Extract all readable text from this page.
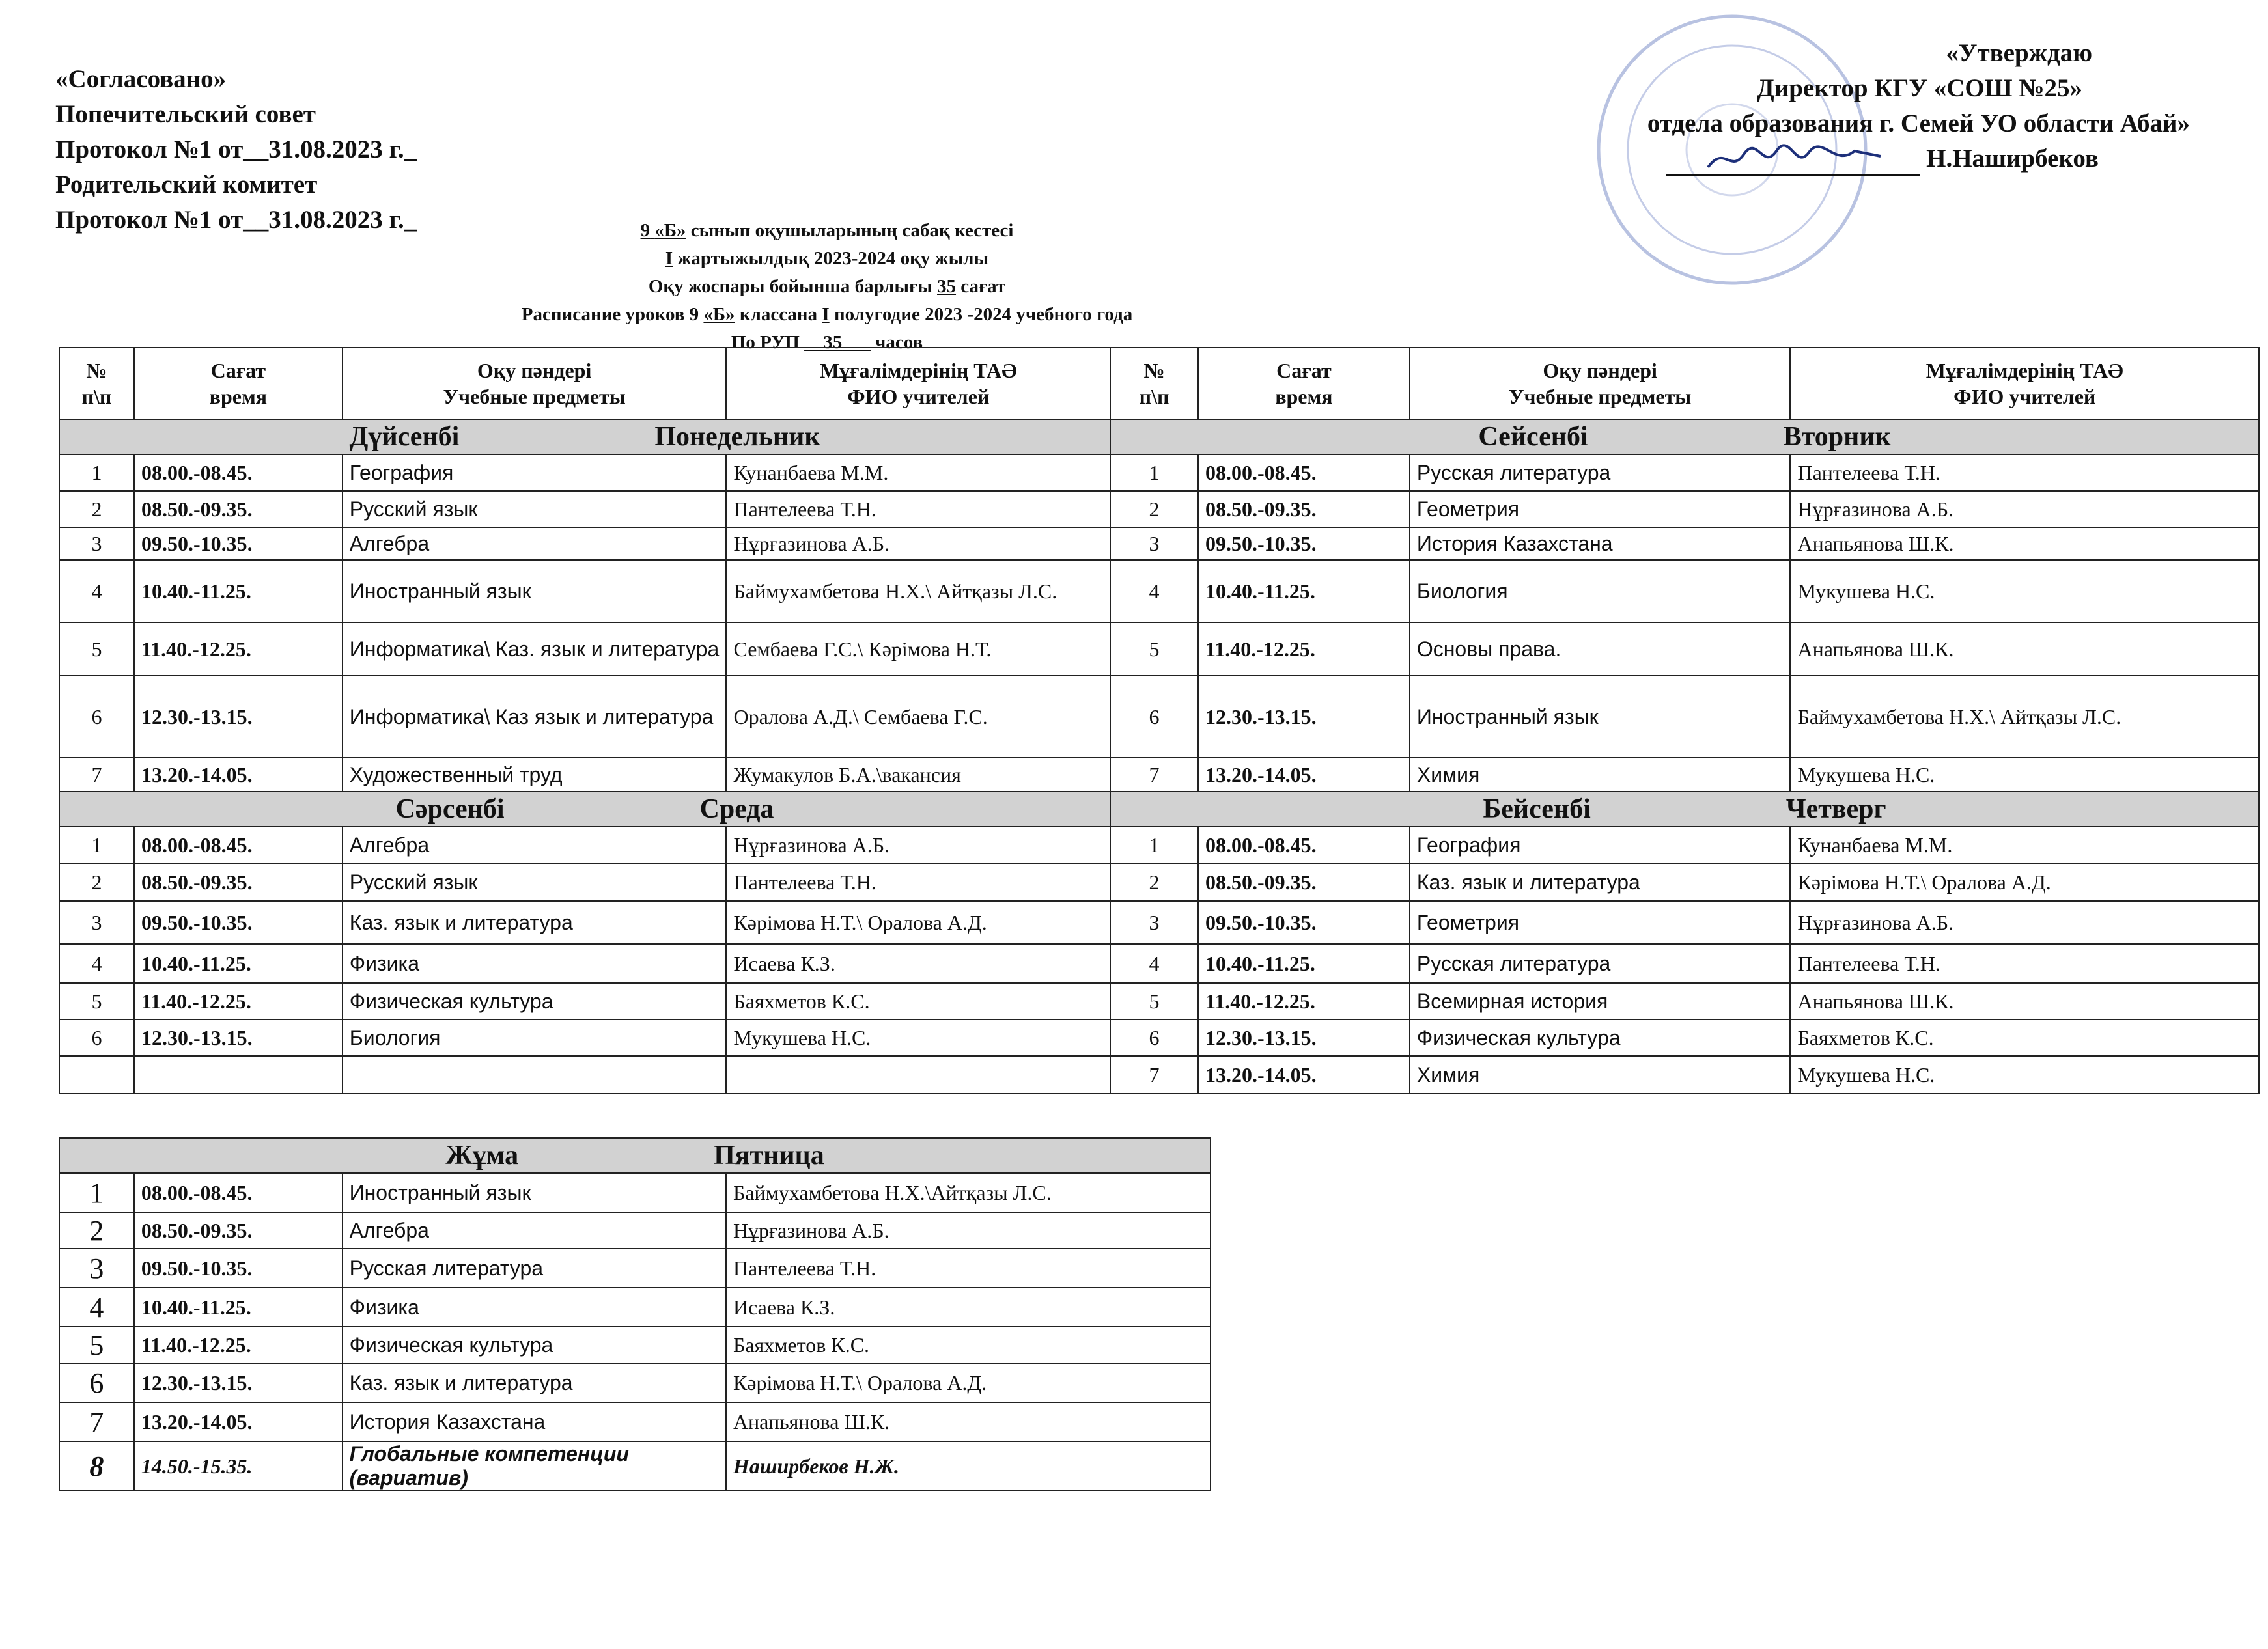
«Согласовано»
Попечительский совет
Протокол №1 от__31.08.2023 г._
Родительский комитет
Протокол №1 от__31.08.2023 г._
«Утверждаю
Директор КГУ «СОШ №25»
отдела образования г. Семей УО области Абай»
Н.Наширбеков
9 «Б» сынып оқушыларының сабақ кестесі
I жартыжылдық 2023-2024 оқу жылы
Оқу жоспары бойынша барлығы 35 сағат
Расписание уроков 9 «Б» классана I полугодие 2023 -2024 учебного года
По РУП __35___ часов
№
п\п	Сағат
время	Оқу пәндері
Учебные предметы	Мұғалімдерінің ТАӘ
ФИО учителей	№
п\п	Сағат
время	Оқу пәндері
Учебные предметы	Мұғалімдерінің ТАӘ
ФИО учителей
Дүйсенбі Понедельник				Сейсенбі Вторник			
1	08.00.-08.45.	География	Кунанбаева М.М.	1	08.00.-08.45.	Русская литература	Пантелеева Т.Н.
2	08.50.-09.35.	Русский язык	Пантелеева Т.Н.	2	08.50.-09.35.	Геометрия	Нұрғазинова А.Б.
3	09.50.-10.35.	Алгебра	Нұрғазинова А.Б.	3	09.50.-10.35.	История Казахстана	Анапьянова Ш.К.
4	10.40.-11.25.	Иностранный язык	Баймухамбетова Н.Х.\ Айтқазы Л.С.	4	10.40.-11.25.	Биология	Мукушева Н.С.
5	11.40.-12.25.	Информатика\ Каз. язык и литература	Сембаева Г.С.\ Кәрімова Н.Т.	5	11.40.-12.25.	Основы права.	Анапьянова Ш.К.
6	12.30.-13.15.	Информатика\ Каз язык и литература	Оралова А.Д.\ Сембаева Г.С.	6	12.30.-13.15.	Иностранный язык	Баймухамбетова Н.Х.\ Айтқазы Л.С.
7	13.20.-14.05.	Художественный труд	Жумакулов Б.А.\вакансия	7	13.20.-14.05.	Химия	Мукушева Н.С.
Сәрсенбі Среда				Бейсенбі Четверг			
1	08.00.-08.45.	Алгебра	Нұрғазинова А.Б.	1	08.00.-08.45.	География	Кунанбаева М.М.
2	08.50.-09.35.	Русский язык	Пантелеева Т.Н.	2	08.50.-09.35.	Каз. язык и литература	Кәрімова Н.Т.\ Оралова А.Д.
3	09.50.-10.35.	Каз. язык и литература	Кәрімова Н.Т.\ Оралова А.Д.	3	09.50.-10.35.	Геометрия	Нұрғазинова А.Б.
4	10.40.-11.25.	Физика	Исаева К.З.	4	10.40.-11.25.	Русская литература	Пантелеева Т.Н.
5	11.40.-12.25.	Физическая культура	Баяхметов К.С.	5	11.40.-12.25.	Всемирная история	Анапьянова Ш.К.
6	12.30.-13.15.	Биология	Мукушева Н.С.	6	12.30.-13.15.	Физическая культура	Баяхметов К.С.
				7	13.20.-14.05.	Химия	Мукушева Н.С.
Жұма Пятница			
1	08.00.-08.45.	Иностранный язык	Баймухамбетова Н.Х.\Айтқазы Л.С.
2	08.50.-09.35.	Алгебра	Нұрғазинова А.Б.
3	09.50.-10.35.	Русская литература	Пантелеева Т.Н.
4	10.40.-11.25.	Физика	Исаева К.З.
5	11.40.-12.25.	Физическая культура	Баяхметов К.С.
6	12.30.-13.15.	Каз. язык и литература	Кәрімова Н.Т.\ Оралова А.Д.
7	13.20.-14.05.	История Казахстана	Анапьянова Ш.К.
8	14.50.-15.35.	Глобальные компетенции (вариатив)	Наширбеков Н.Ж.
